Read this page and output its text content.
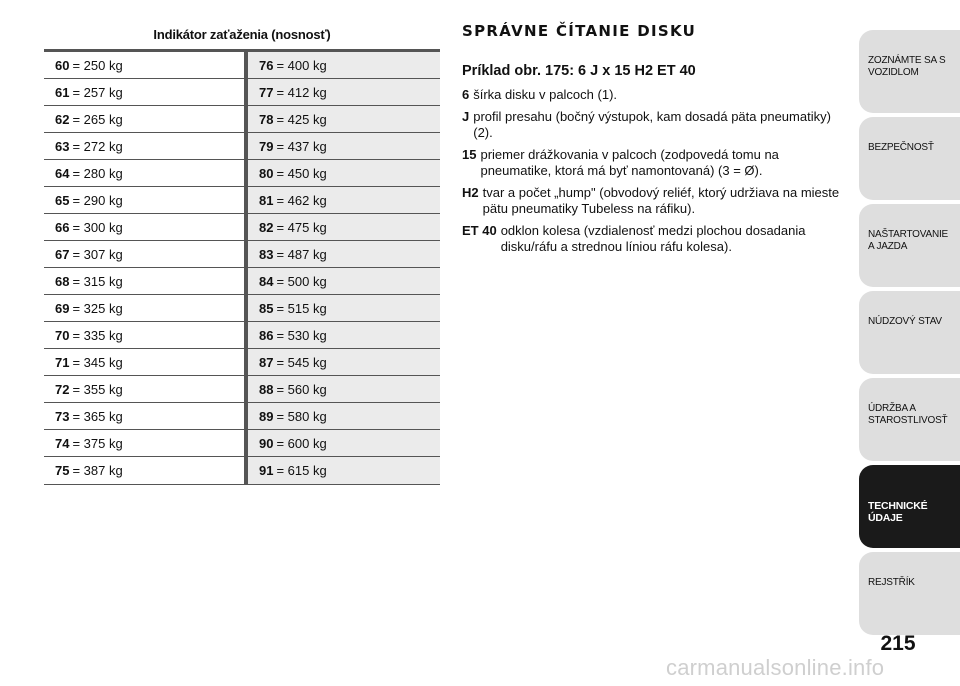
Indikátor zaťaženia (nosnosť)
60 = 250 kg	76 = 400 kg
61 = 257 kg	77 = 412 kg
62 = 265 kg	78 = 425 kg
63 = 272 kg	79 = 437 kg
64 = 280 kg	80 = 450 kg
65 = 290 kg	81 = 462 kg
66 = 300 kg	82 = 475 kg
67 = 307 kg	83 = 487 kg
68 = 315 kg	84 = 500 kg
69 = 325 kg	85 = 515 kg
70 = 335 kg	86 = 530 kg
71 = 345 kg	87 = 545 kg
72 = 355 kg	88 = 560 kg
73 = 365 kg	89 = 580 kg
74 = 375 kg	90 = 600 kg
75 = 387 kg	91 = 615 kg
SPRÁVNE ČÍTANIE DISKU
Príklad obr. 175: 6 J x 15 H2 ET 40
6 šírka disku v palcoch (1).
J profil presahu (bočný výstupok, kam dosadá päta pneumatiky) (2).
15 priemer drážkovania v palcoch (zodpovedá tomu na pneumatike, ktorá má byť namontovaná) (3 = Ø).
H2 tvar a počet „hump" (obvodový reliéf, ktorý udržiava na mieste pätu pneumatiky Tubeless na ráfiku).
ET 40 odklon kolesa (vzdialenosť medzi plochou dosadania disku/ráfu a strednou líniou ráfu kolesa).
ZOZNÁMTE SA S VOZIDLOM
BEZPEČNOSŤ
NAŠTARTOVANIE A JAZDA
NÚDZOVÝ STAV
ÚDRŽBA A STAROSTLIVOSŤ
TECHNICKÉ ÚDAJE
REJSTŘÍK
215
carmanualsonline.info
